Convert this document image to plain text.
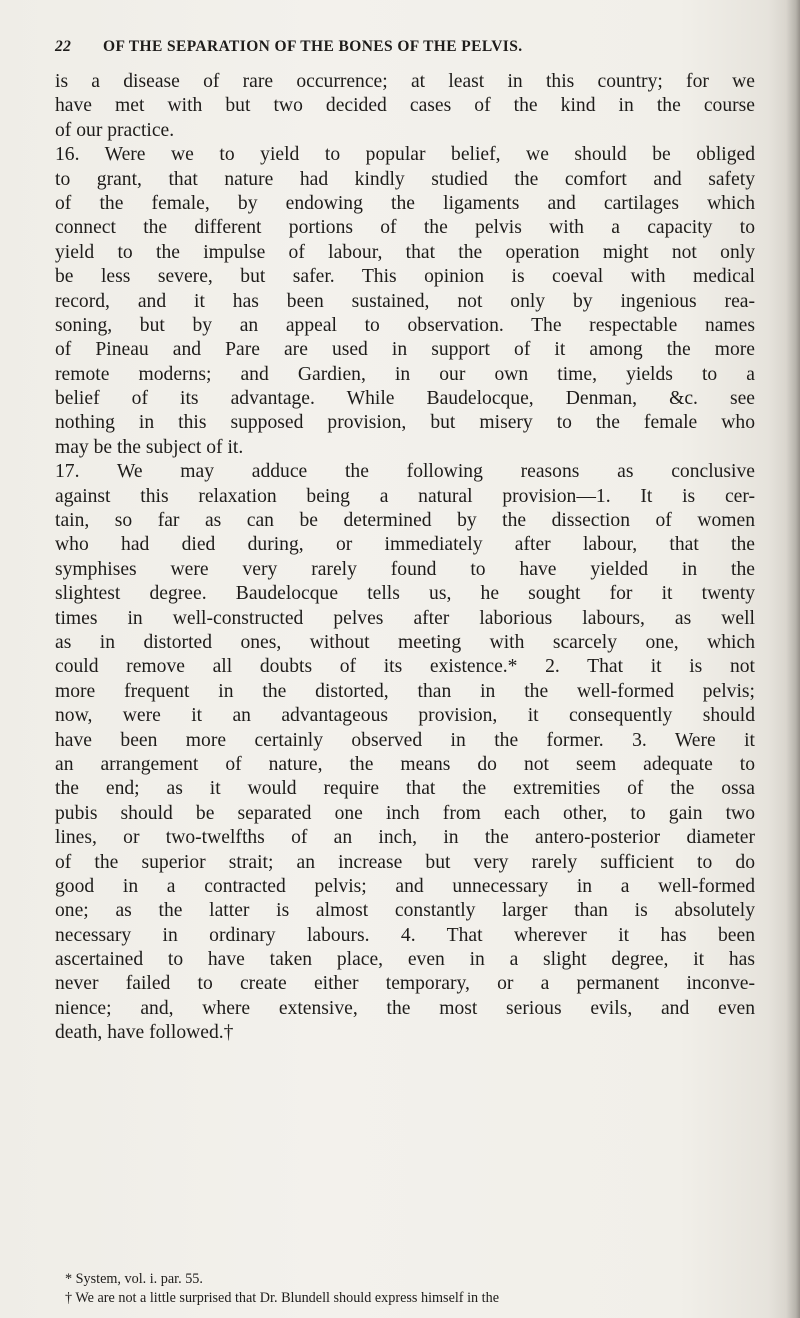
22 OF THE SEPARATION OF THE BONES OF THE PELVIS.
is a disease of rare occurrence; at least in this country; for we
have met with but two decided cases of the kind in the course
of our practice.
16. Were we to yield to popular belief, we should be obliged
to grant, that nature had kindly studied the comfort and safety
of the female, by endowing the ligaments and cartilages which
connect the different portions of the pelvis with a capacity to
yield to the impulse of labour, that the operation might not only
be less severe, but safer. This opinion is coeval with medical
record, and it has been sustained, not only by ingenious rea-
soning, but by an appeal to observation. The respectable names
of Pineau and Pare are used in support of it among the more
remote moderns; and Gardien, in our own time, yields to a
belief of its advantage. While Baudelocque, Denman, &c. see
nothing in this supposed provision, but misery to the female who
may be the subject of it.
17. We may adduce the following reasons as conclusive
against this relaxation being a natural provision—1. It is cer-
tain, so far as can be determined by the dissection of women
who had died during, or immediately after labour, that the
symphises were very rarely found to have yielded in the
slightest degree. Baudelocque tells us, he sought for it twenty
times in well-constructed pelves after laborious labours, as well
as in distorted ones, without meeting with scarcely one, which
could remove all doubts of its existence.* 2. That it is not
more frequent in the distorted, than in the well-formed pelvis;
now, were it an advantageous provision, it consequently should
have been more certainly observed in the former. 3. Were it
an arrangement of nature, the means do not seem adequate to
the end; as it would require that the extremities of the ossa
pubis should be separated one inch from each other, to gain two
lines, or two-twelfths of an inch, in the antero-posterior diameter
of the superior strait; an increase but very rarely sufficient to do
good in a contracted pelvis; and unnecessary in a well-formed
one; as the latter is almost constantly larger than is absolutely
necessary in ordinary labours. 4. That wherever it has been
ascertained to have taken place, even in a slight degree, it has
never failed to create either temporary, or a permanent inconve-
nience; and, where extensive, the most serious evils, and even
death, have followed.†
* System, vol. i. par. 55.
† We are not a little surprised that Dr. Blundell should express himself in the
